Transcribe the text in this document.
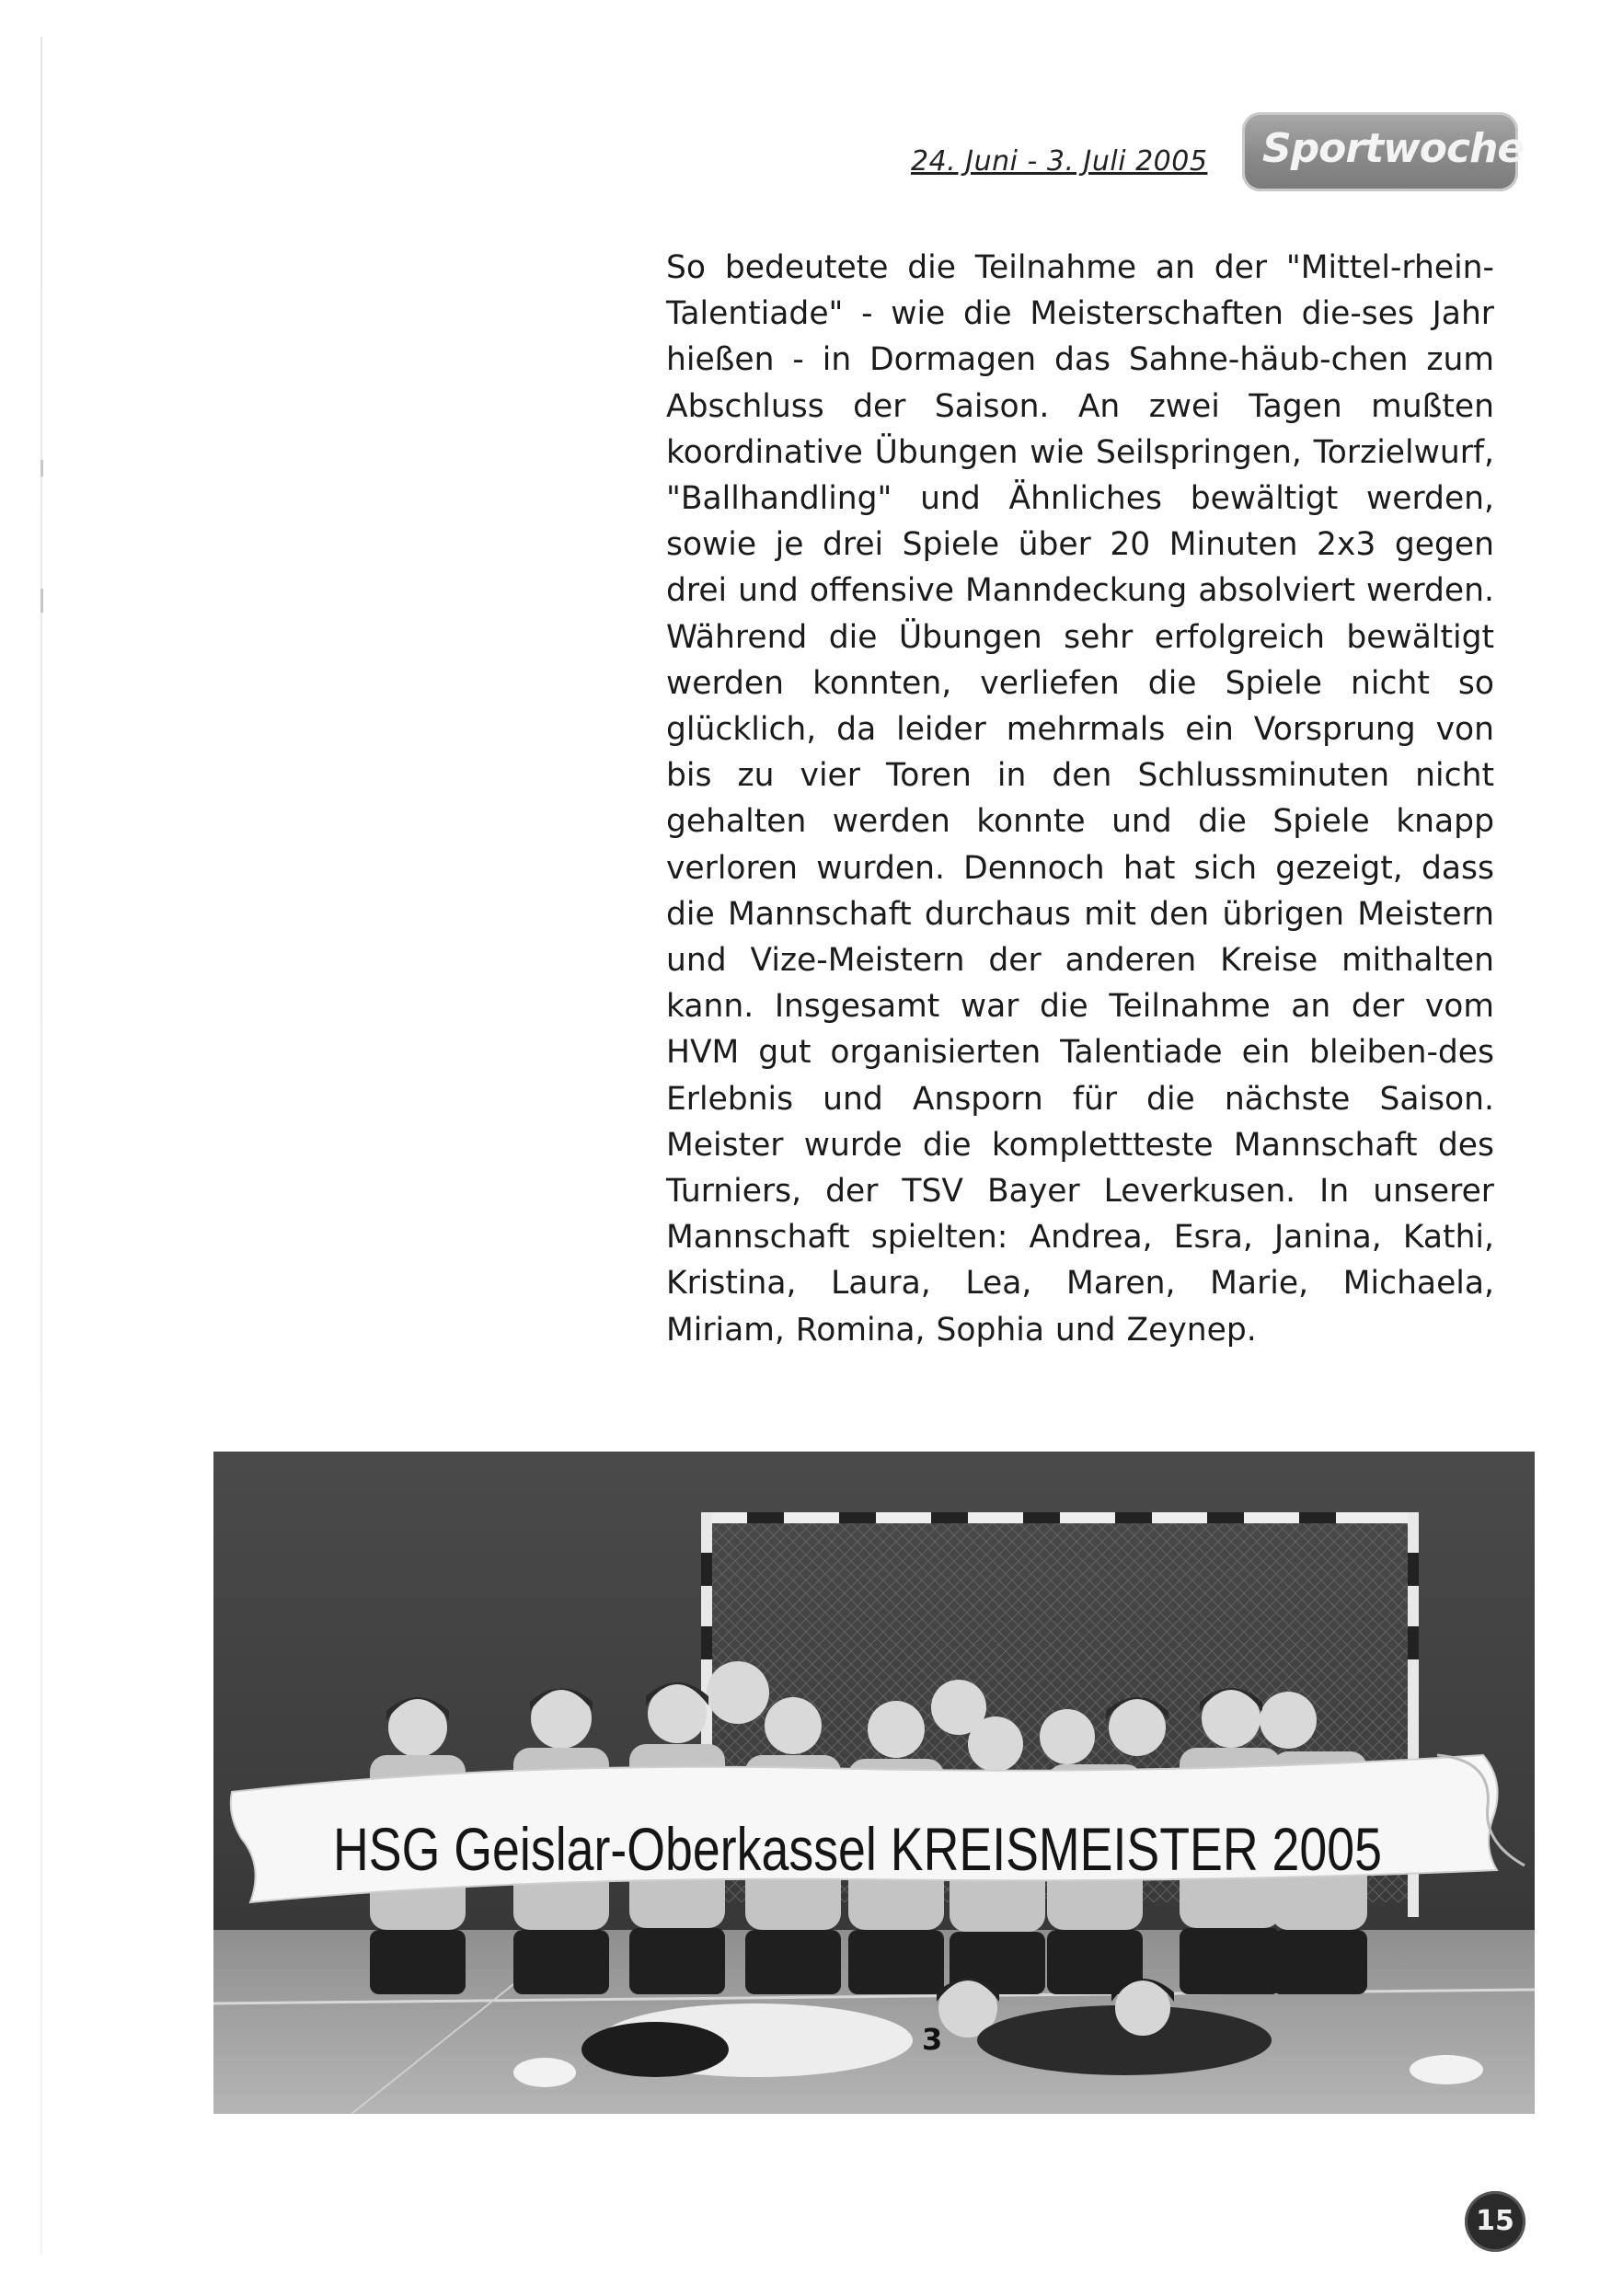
24. Juni - 3. Juli 2005 Sportwoche

So bedeutete die Teilnahme an der "Mittel-rhein-Talentiade" - wie die Meisterschaften die-ses Jahr hießen - in Dormagen das Sahne-häub-chen zum Abschluss der Saison. An zwei Tagen mußten koordinative Übungen wie Seilspringen, Torzielwurf, "Ballhandling" und Ähnliches bewältigt werden, sowie je drei Spiele über 20 Minuten 2x3 gegen drei und offensive Manndeckung absolviert werden. Während die Übungen sehr erfolgreich bewältigt werden konnten, verliefen die Spiele nicht so glücklich, da leider mehrmals ein Vorsprung von bis zu vier Toren in den Schlussminuten nicht gehalten werden konnte und die Spiele knapp verloren wurden. Dennoch hat sich gezeigt, dass die Mannschaft durchaus mit den übrigen Meistern und Vize-Meistern der anderen Kreise mithalten kann. Insgesamt war die Teilnahme an der vom HVM gut organisierten Talentiade ein bleiben-des Erlebnis und Ansporn für die nächste Saison. Meister wurde die komplettteste Mannschaft des Turniers, der TSV Bayer Leverkusen. In unserer Mannschaft spielten: Andrea, Esra, Janina, Kathi, Kristina, Laura, Lea, Maren, Marie, Michaela, Miriam, Romina, Sophia und Zeynep.

3
HSG Geislar-Oberkassel KREISMEISTER 2005
15
